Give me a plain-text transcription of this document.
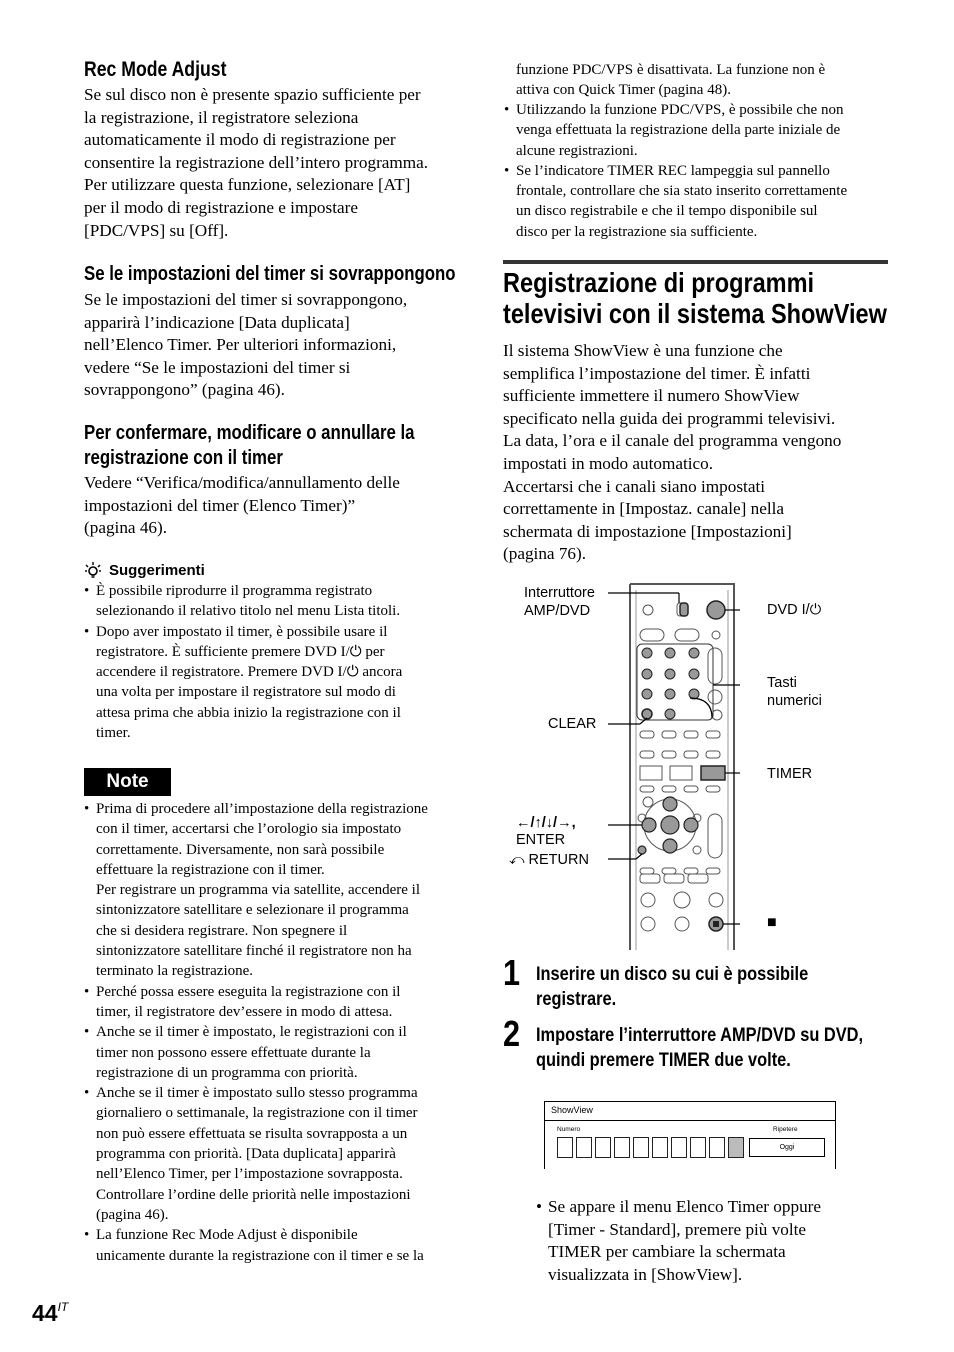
Rec Mode Adjust
Se sul disco non è presente spazio sufficiente per
la registrazione, il registratore seleziona
automaticamente il modo di registrazione per
consentire la registrazione dell’intero programma.
Per utilizzare questa funzione, selezionare [AT]
per il modo di registrazione e impostare
[PDC/VPS] su [Off].
Se le impostazioni del timer si sovrappongono
Se le impostazioni del timer si sovrappongono,
apparirà l’indicazione [Data duplicata]
nell’Elenco Timer. Per ulteriori informazioni,
vedere “Se le impostazioni del timer si
sovrappongono” (pagina 46).
Per confermare, modificare o annullare la
registrazione con il timer
Vedere “Verifica/modifica/annullamento delle
impostazioni del timer (Elenco Timer)”
(pagina 46).
Suggerimenti
• È possibile riprodurre il programma registrato
selezionando il relativo titolo nel menu Lista titoli.
• Dopo aver impostato il timer, è possibile usare il
registratore. È sufficiente premere DVD I/⏻ per
accendere il registratore. Premere DVD I/⏻ ancora
una volta per impostare il registratore sul modo di
attesa prima che abbia inizio la registrazione con il
timer.
Note
• Prima di procedere all’impostazione della registrazione
con il timer, accertarsi che l’orologio sia impostato
correttamente. Diversamente, non sarà possibile
effettuare la registrazione con il timer.
Per registrare un programma via satellite, accendere il
sintonizzatore satellitare e selezionare il programma
che si desidera registrare. Non spegnere il
sintonizzatore satellitare finché il registratore non ha
terminato la registrazione.
• Perché possa essere eseguita la registrazione con il
timer, il registratore dev’essere in modo di attesa.
• Anche se il timer è impostato, le registrazioni con il
timer non possono essere effettuate durante la
registrazione di un programma con priorità.
• Anche se il timer è impostato sullo stesso programma
giornaliero o settimanale, la registrazione con il timer
non può essere effettuata se risulta sovrapposta a un
programma con priorità. [Data duplicata] apparirà
nell’Elenco Timer, per l’impostazione sovrapposta.
Controllare l’ordine delle priorità nelle impostazioni
(pagina 46).
• La funzione Rec Mode Adjust è disponibile
unicamente durante la registrazione con il timer e se la
$44^{IT}$
funzione PDC/VPS è disattivata. La funzione non è
attiva con Quick Timer (pagina 48).
• Utilizzando la funzione PDC/VPS, è possibile che non
venga effettuata la registrazione della parte iniziale de
alcune registrazioni.
• Se l’indicatore TIMER REC lampeggia sul pannello
frontale, controllare che sia stato inserito correttamente
un disco registrabile e che il tempo disponibile sul
disco per la registrazione sia sufficiente.
Registrazione di programmi
televisivi con il sistema ShowView
Il sistema ShowView è una funzione che
semplifica l’impostazione del timer. È infatti
sufficiente immettere il numero ShowView
specificato nella guida dei programmi televisivi.
La data, l’ora e il canale del programma vengono
impostati in modo automatico.
Accertarsi che i canali siano impostati
correttamente in [Impostaz. canale] nella
schermata di impostazione [Impostazioni]
(pagina 76).
Interruttore
AMP/DVD	DVD I/⏻
Tasti
numerici
CLEAR
TIMER
←/↑/↓/→,
ENTER
⤺ RETURN
■
1 Inserire un disco su cui è possibile
registrare.
2 Impostare l’interruttore AMP/DVD su DVD,
quindi premere TIMER due volte.
ShowView
Numero	Ripetere
Oggi
• Se appare il menu Elenco Timer oppure
[Timer - Standard], premere più volte
TIMER per cambiare la schermata
visualizzata in [ShowView].
